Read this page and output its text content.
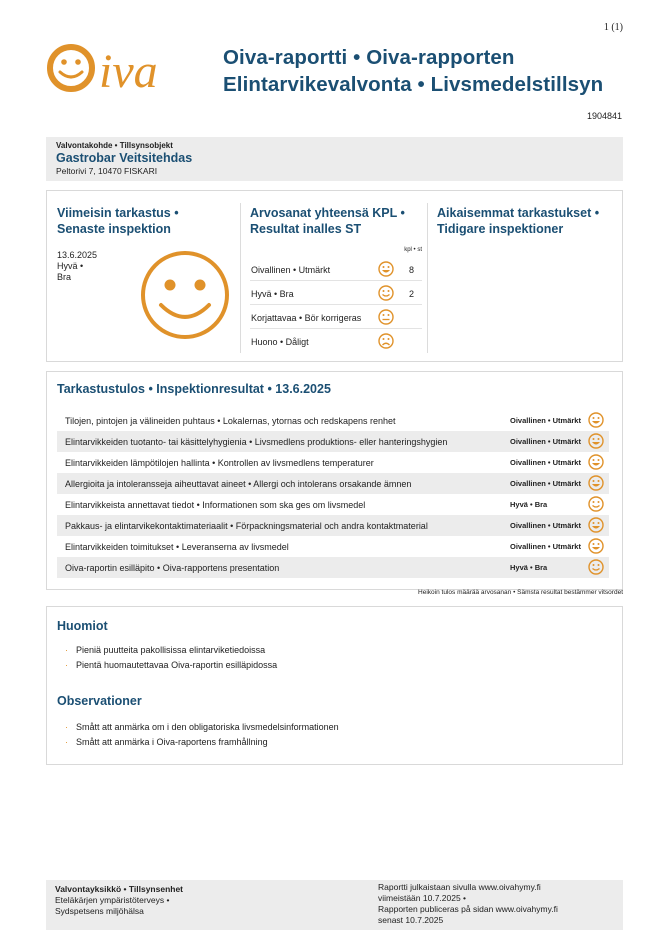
1 (1)
iva	Oiva-raportti • Oiva-rapporten
Elintarvikevalvonta • Livsmedelstillsyn
1904841
Valvontakohde • Tillsynsobjekt
Gastrobar Veitsitehdas
Peltorivi 7, 10470 FISKARI
Viimeisin tarkastus •
Senaste inspektion
13.6.2025
Hyvä •
Bra
Arvosanat yhteensä KPL •
Resultat inalles ST
kpl • st
Oivallinen • Utmärkt	8
Hyvä • Bra	2
Korjattavaa • Bör korrigeras
Huono • Dåligt
Aikaisemmat tarkastukset •
Tidigare inspektioner
Tarkastustulos • Inspektionresultat • 13.6.2025
Tilojen, pintojen ja välineiden puhtaus • Lokalernas, ytornas och redskapens renhet	Oivallinen • Utmärkt
Elintarvikkeiden tuotanto- tai käsittelyhygienia • Livsmedlens produktions- eller hanteringshygien	Oivallinen • Utmärkt
Elintarvikkeiden lämpötilojen hallinta • Kontrollen av livsmedlens temperaturer	Oivallinen • Utmärkt
Allergioita ja intoleransseja aiheuttavat aineet • Allergi och intolerans orsakande ämnen	Oivallinen • Utmärkt
Elintarvikkeista annettavat tiedot • Informationen som ska ges om livsmedel	Hyvä • Bra
Pakkaus- ja elintarvikekontaktimateriaalit • Förpackningsmaterial och andra kontaktmaterial	Oivallinen • Utmärkt
Elintarvikkeiden toimitukset • Leveranserna av livsmedel	Oivallinen • Utmärkt
Oiva-raportin esilläpito • Oiva-rapportens presentation	Hyvä • Bra
Heikoin tulos määrää arvosanan • Sämsta resultat bestämmer vitsordet
Huomiot
· Pieniä puutteita pakollisissa elintarviketiedoissa
· Pientä huomautettavaa Oiva-raportin esilläpidossa
Observationer
· Smått att anmärka om i den obligatoriska livsmedelsinformationen
· Smått att anmärka i Oiva-raportens framhållning
Valvontayksikkö • Tillsynsenhet
Eteläkärjen ympäristöterveys •
Sydspetsens miljöhälsa
Raportti julkaistaan sivulla www.oivahymy.fi
viimeistään 10.7.2025 •
Rapporten publiceras på sidan www.oivahymy.fi
senast 10.7.2025
